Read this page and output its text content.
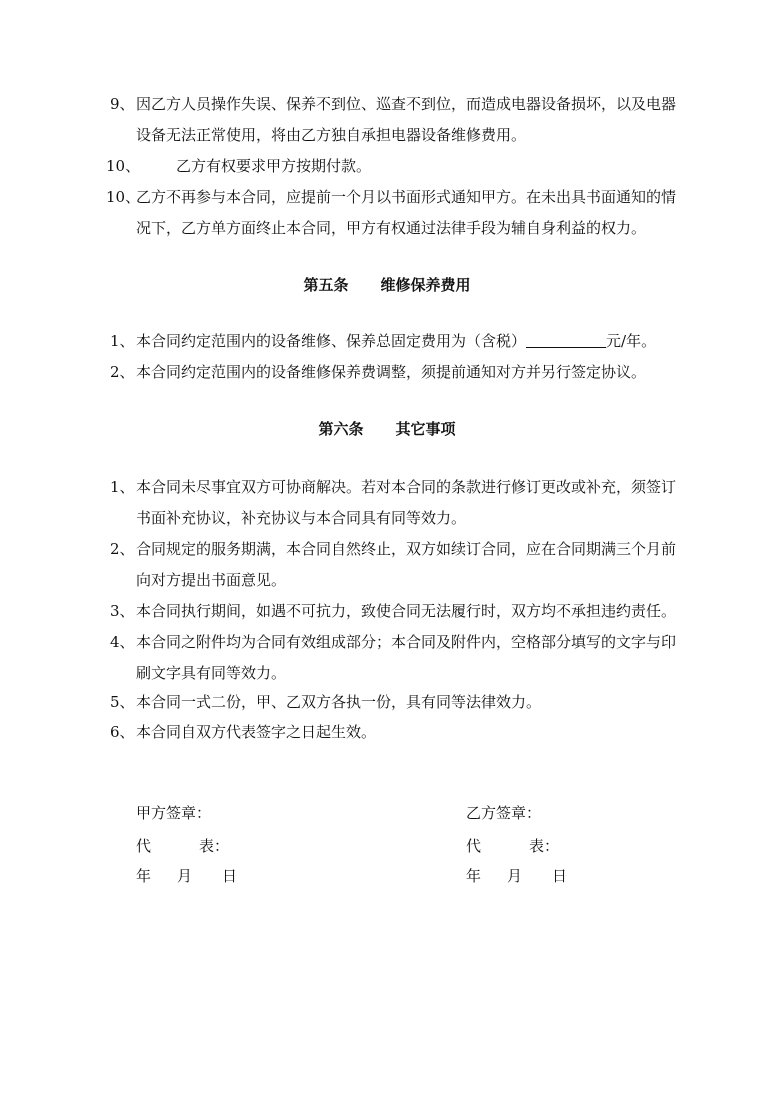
9、 因乙方人员操作失误、保养不到位、巡查不到位，而造成电器设备损坏，以及电器
设备无法正常使用，将由乙方独自承担电器设备维修费用。
10、 乙方有权要求甲方按期付款。
10、
乙方不再参与本合同，应提前一个月以书面形式通知甲方。在未出具书面通知的情
况下，乙方单方面终止本合同，甲方有权通过法律手段为辅自身利益的权力。
第五条 维修保养费用
1、 本合同约定范围内的设备维修、保养总固定费用为（含税）	元/年。
2、 本合同约定范围内的设备维修保养费调整，须提前通知对方并另行签定协议。
第六条 其它事项
1、 本合同未尽事宜双方可协商解决。若对本合同的条款进行修订更改或补充，须签订
书面补充协议，补充协议与本合同具有同等效力。
2、 合同规定的服务期满，本合同自然终止，双方如续订合同，应在合同期满三个月前
向对方提出书面意见。
3、 本合同执行期间，如遇不可抗力，致使合同无法履行时，双方均不承担违约责任。
4、 本合同之附件均为合同有效组成部分；本合同及附件内，空格部分填写的文字与印
刷文字具有同等效力。
5、 本合同一式二份，甲、乙双方各执一份，具有同等法律效力。
6、 本合同自双方代表签字之日起生效。
甲方签章：
代	表：
年 月 日
乙方签章：
代	表：
年 月 日
